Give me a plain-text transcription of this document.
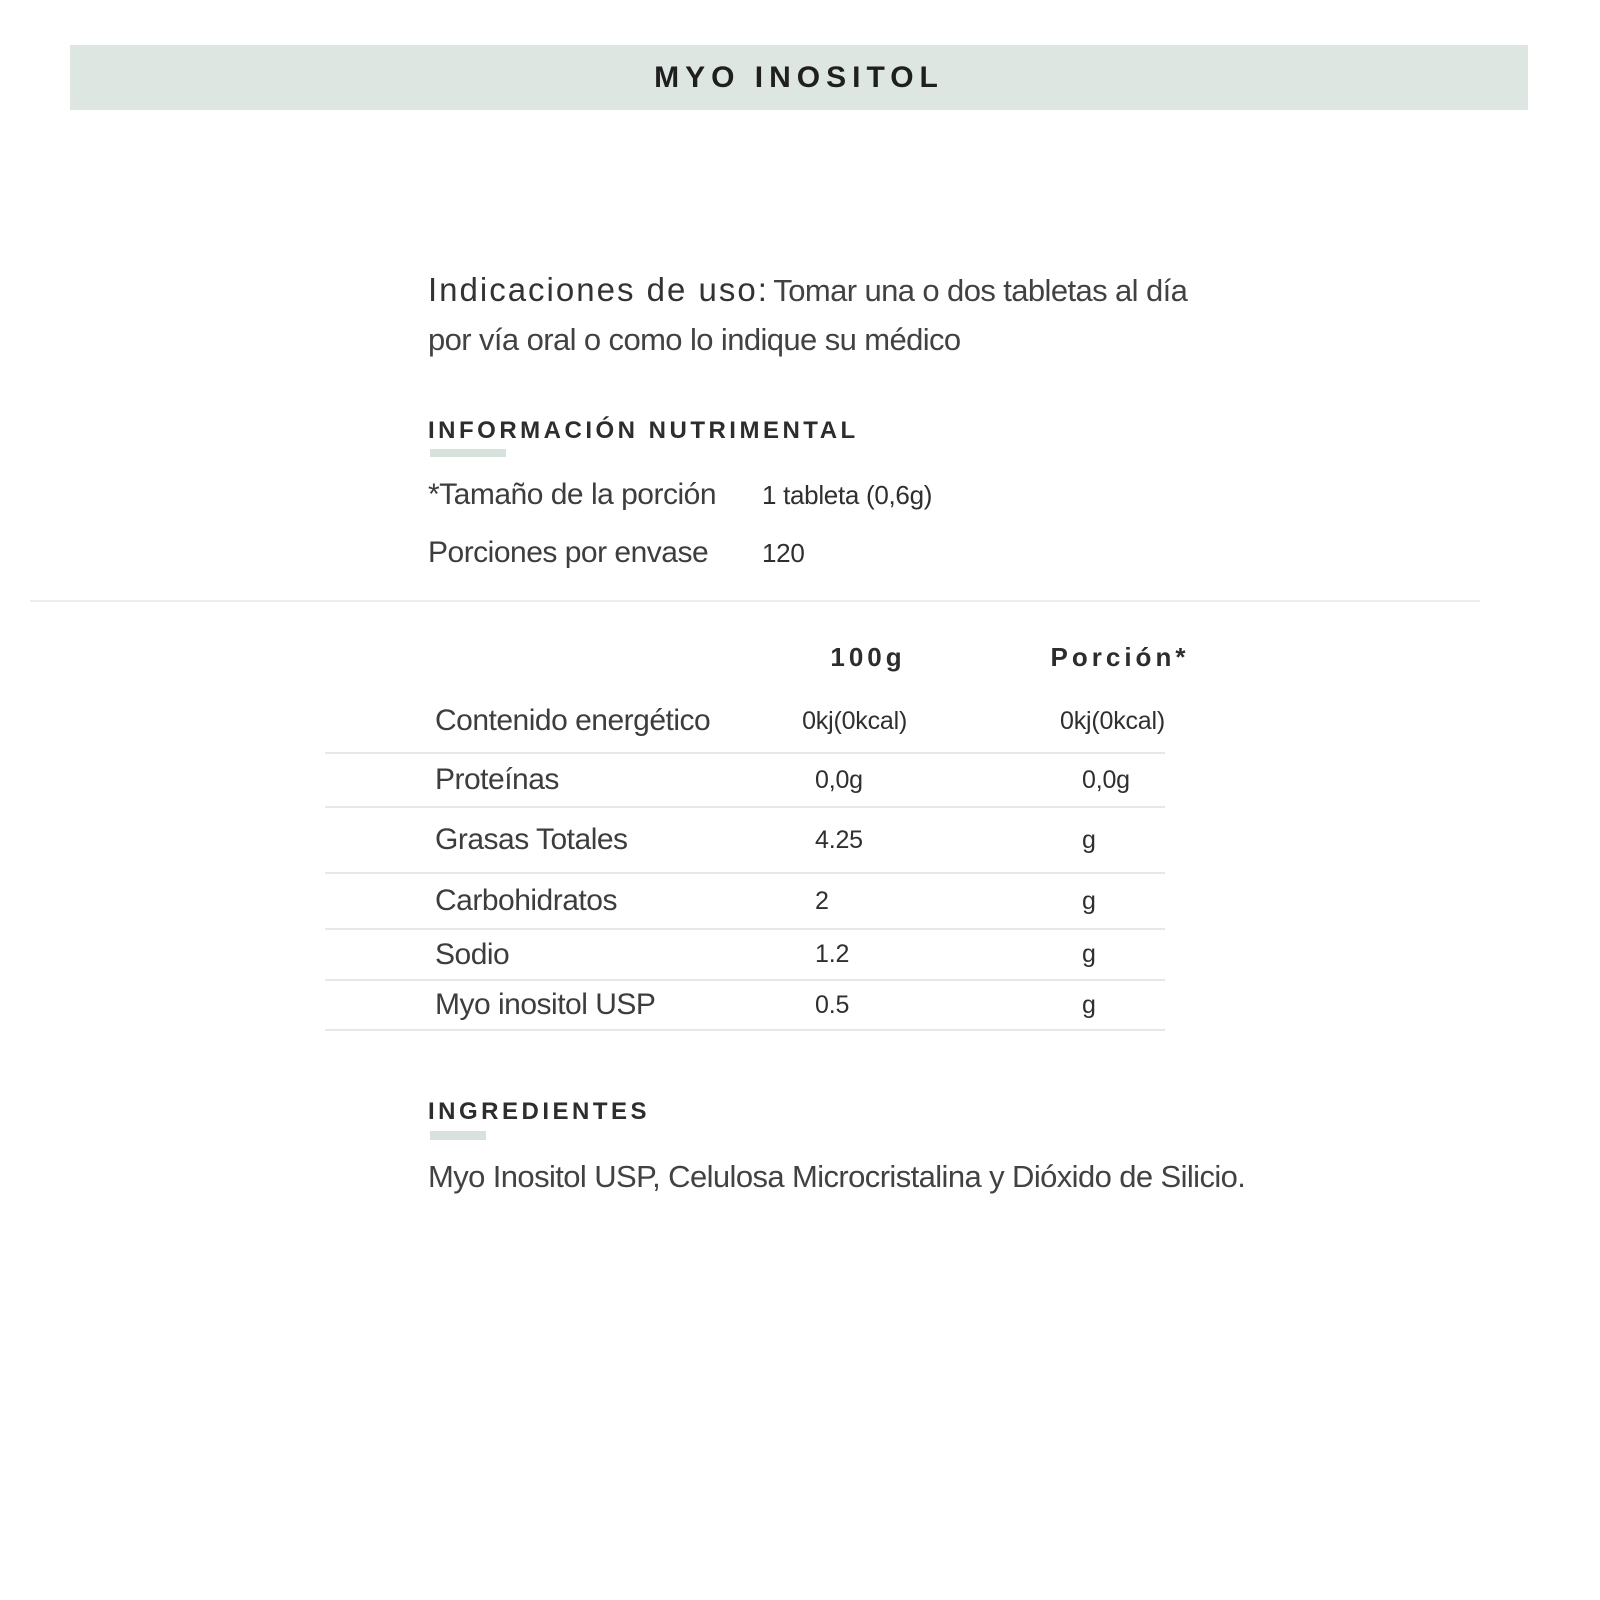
MYO INOSITOL
Indicaciones de uso: Tomar una o dos tabletas al día por vía oral o como lo indique su médico
INFORMACIÓN NUTRIMENTAL
*Tamaño de la porción	1 tableta (0,6g)
Porciones por envase	120
100g	Porción*
Contenido energético	0kj(0kcal)	0kj(0kcal)
Proteínas	0,0g	0,0g
Grasas Totales	4.25	g
Carbohidratos	2	g
Sodio	1.2	g
Myo inositol USP	0.5	g
INGREDIENTES
Myo Inositol USP, Celulosa Microcristalina y Dióxido de Silicio.
